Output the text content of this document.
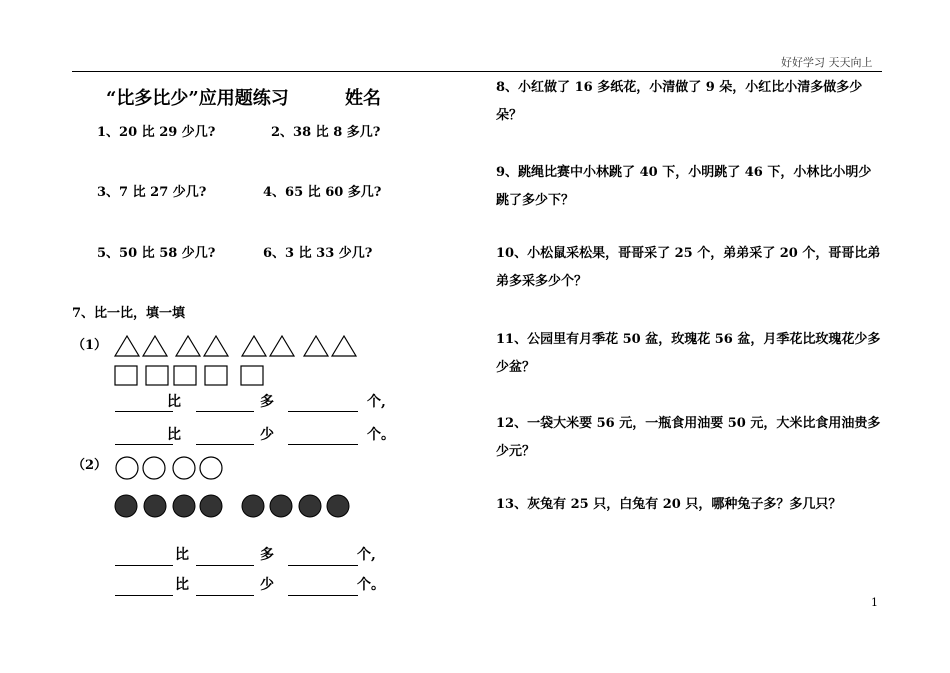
好好学习 天天向上
“比多比少”应用题练习	姓名
1、20 比 29 少几?	2、38 比 8 多几?
3、7 比 27 少几?	4、65 比 60 多几?
5、50 比 58 少几?	6、3 比 33 少几?
7、比一比，填一填
（1）
比	多	个,
比	少	个。
（2）
比	多	个,
比	少	个。
8、小红做了 16 多纸花，小清做了 9 朵，小红比小清多做多少朵？
9、跳绳比赛中小林跳了 40 下，小明跳了 46 下，小林比小明少跳了多少下？
10、小松鼠采松果，哥哥采了 25 个，弟弟采了 20 个，哥哥比弟弟多采多少个？
11、公园里有月季花 50 盆，玫瑰花 56 盆，月季花比玫瑰花少多少盆？
12、一袋大米要 56 元，一瓶食用油要 50 元，大米比食用油贵多少元？
13、灰兔有 25 只，白兔有 20 只，哪种兔子多？多几只？
1
